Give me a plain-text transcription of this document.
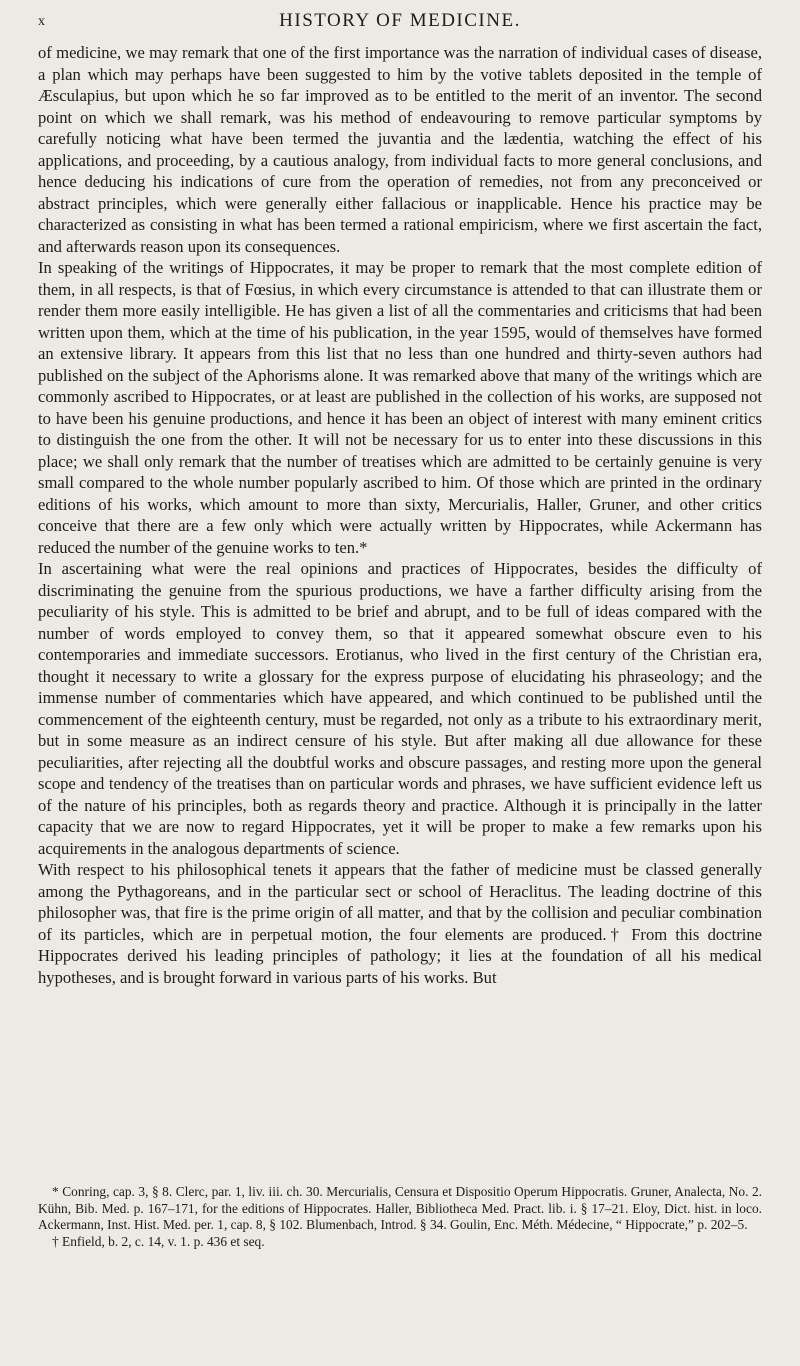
x	HISTORY OF MEDICINE.

of medicine, we may remark that one of the first importance was the narration of individual cases of disease, a plan which may perhaps have been suggested to him by the votive tablets deposited in the temple of Æsculapius, but upon which he so far improved as to be entitled to the merit of an inventor. The second point on which we shall remark, was his method of endeavouring to remove particular symptoms by carefully noticing what have been termed the juvantia and the lædentia, watching the effect of his applications, and proceeding, by a cautious analogy, from individual facts to more general conclusions, and hence deducing his indications of cure from the operation of remedies, not from any preconceived or abstract principles, which were generally either fallacious or inapplicable. Hence his practice may be characterized as consisting in what has been termed a rational empiricism, where we first ascertain the fact, and afterwards reason upon its consequences.

In speaking of the writings of Hippocrates, it may be proper to remark that the most complete edition of them, in all respects, is that of Fœsius, in which every circumstance is attended to that can illustrate them or render them more easily intelligible. He has given a list of all the commentaries and criticisms that had been written upon them, which at the time of his publication, in the year 1595, would of themselves have formed an extensive library. It appears from this list that no less than one hundred and thirty-seven authors had published on the subject of the Aphorisms alone. It was remarked above that many of the writings which are commonly ascribed to Hippocrates, or at least are published in the collection of his works, are supposed not to have been his genuine productions, and hence it has been an object of interest with many eminent critics to distinguish the one from the other. It will not be necessary for us to enter into these discussions in this place; we shall only remark that the number of treatises which are admitted to be certainly genuine is very small compared to the whole number popularly ascribed to him. Of those which are printed in the ordinary editions of his works, which amount to more than sixty, Mercurialis, Haller, Gruner, and other critics conceive that there are a few only which were actually written by Hippocrates, while Ackermann has reduced the number of the genuine works to ten.*

In ascertaining what were the real opinions and practices of Hippocrates, besides the difficulty of discriminating the genuine from the spurious productions, we have a farther difficulty arising from the peculiarity of his style. This is admitted to be brief and abrupt, and to be full of ideas compared with the number of words employed to convey them, so that it appeared somewhat obscure even to his contemporaries and immediate successors. Erotianus, who lived in the first century of the Christian era, thought it necessary to write a glossary for the express purpose of elucidating his phraseology; and the immense number of commentaries which have appeared, and which continued to be published until the commencement of the eighteenth century, must be regarded, not only as a tribute to his extraordinary merit, but in some measure as an indirect censure of his style. But after making all due allowance for these peculiarities, after rejecting all the doubtful works and obscure passages, and resting more upon the general scope and tendency of the treatises than on particular words and phrases, we have sufficient evidence left us of the nature of his principles, both as regards theory and practice. Although it is principally in the latter capacity that we are now to regard Hippocrates, yet it will be proper to make a few remarks upon his acquirements in the analogous departments of science.

With respect to his philosophical tenets it appears that the father of medicine must be classed generally among the Pythagoreans, and in the particular sect or school of Heraclitus. The leading doctrine of this philosopher was, that fire is the prime origin of all matter, and that by the collision and peculiar combination of its particles, which are in perpetual motion, the four elements are produced.† From this doctrine Hippocrates derived his leading principles of pathology; it lies at the foundation of all his medical hypotheses, and is brought forward in various parts of his works. But

* Conring, cap. 3, § 8. Clerc, par. 1, liv. iii. ch. 30. Mercurialis, Censura et Dispositio Operum Hippocratis. Gruner, Analecta, No. 2. Kühn, Bib. Med. p. 167–171, for the editions of Hippocrates. Haller, Bibliotheca Med. Pract. lib. i. § 17–21. Eloy, Dict. hist. in loco. Ackermann, Inst. Hist. Med. per. 1, cap. 8, § 102. Blumenbach, Introd. § 34. Goulin, Enc. Méth. Médecine, “ Hippocrate,” p. 202–5.

† Enfield, b. 2, c. 14, v. 1. p. 436 et seq.
